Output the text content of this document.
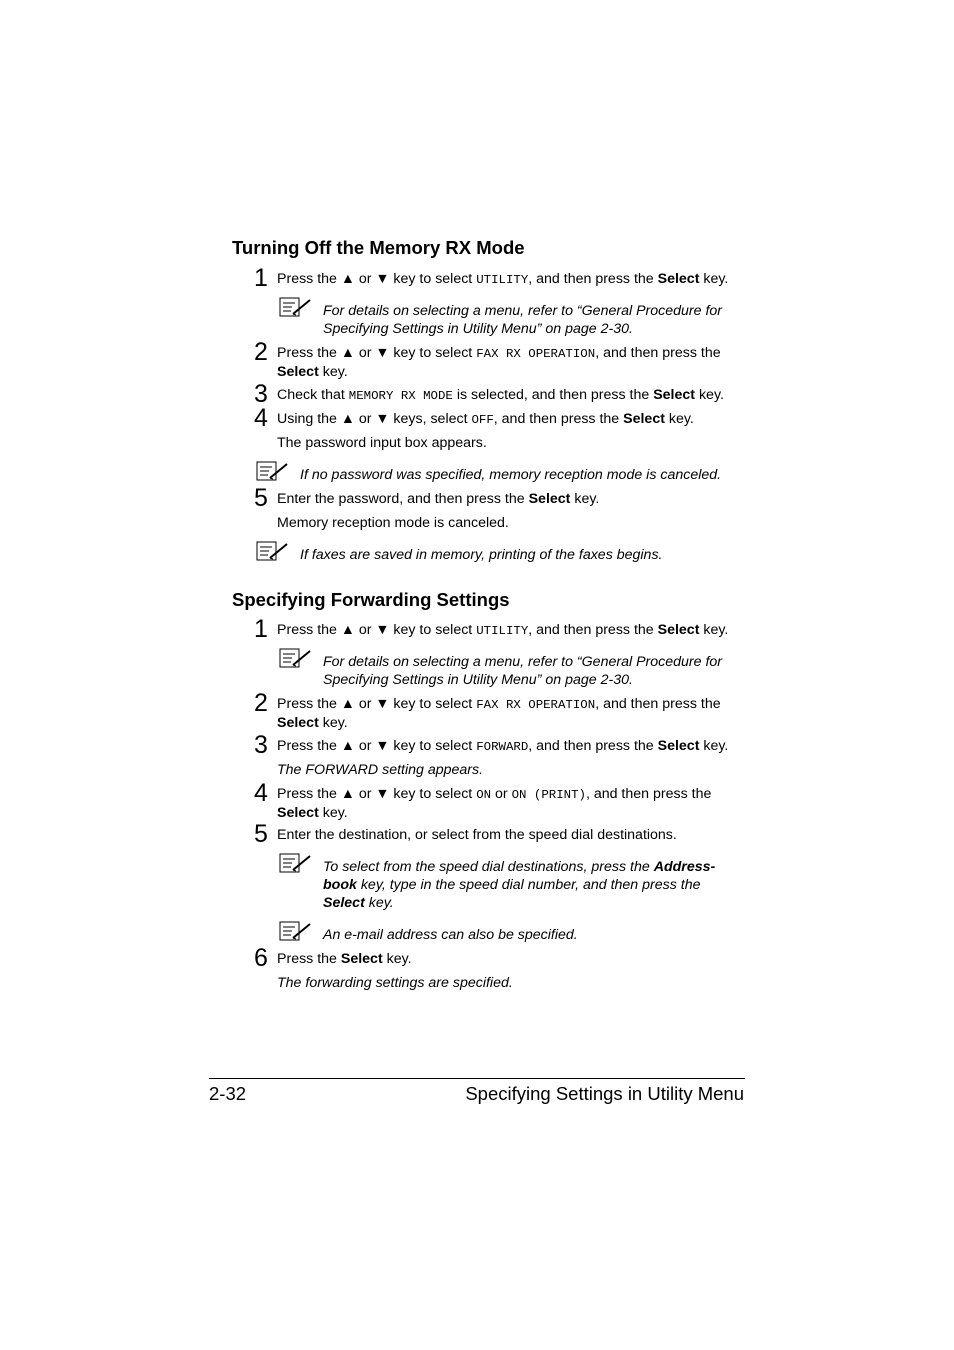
Turning Off the Memory RX Mode
1 Press the ▲ or ▼ key to select UTILITY, and then press the Select key.
For details on selecting a menu, refer to “General Procedure for Specifying Settings in Utility Menu” on page 2-30.
2 Press the ▲ or ▼ key to select FAX RX OPERATION, and then press the Select key.
3 Check that MEMORY RX MODE is selected, and then press the Select key.
4 Using the ▲ or ▼ keys, select OFF, and then press the Select key.
The password input box appears.
If no password was specified, memory reception mode is canceled.
5 Enter the password, and then press the Select key.
Memory reception mode is canceled.
If faxes are saved in memory, printing of the faxes begins.
Specifying Forwarding Settings
1 Press the ▲ or ▼ key to select UTILITY, and then press the Select key.
For details on selecting a menu, refer to “General Procedure for Specifying Settings in Utility Menu” on page 2-30.
2 Press the ▲ or ▼ key to select FAX RX OPERATION, and then press the Select key.
3 Press the ▲ or ▼ key to select FORWARD, and then press the Select key.
The FORWARD setting appears.
4 Press the ▲ or ▼ key to select ON or ON (PRINT), and then press the Select key.
5 Enter the destination, or select from the speed dial destinations.
To select from the speed dial destinations, press the Address-book key, type in the speed dial number, and then press the Select key.
An e-mail address can also be specified.
6 Press the Select key.
The forwarding settings are specified.
2-32	Specifying Settings in Utility Menu
